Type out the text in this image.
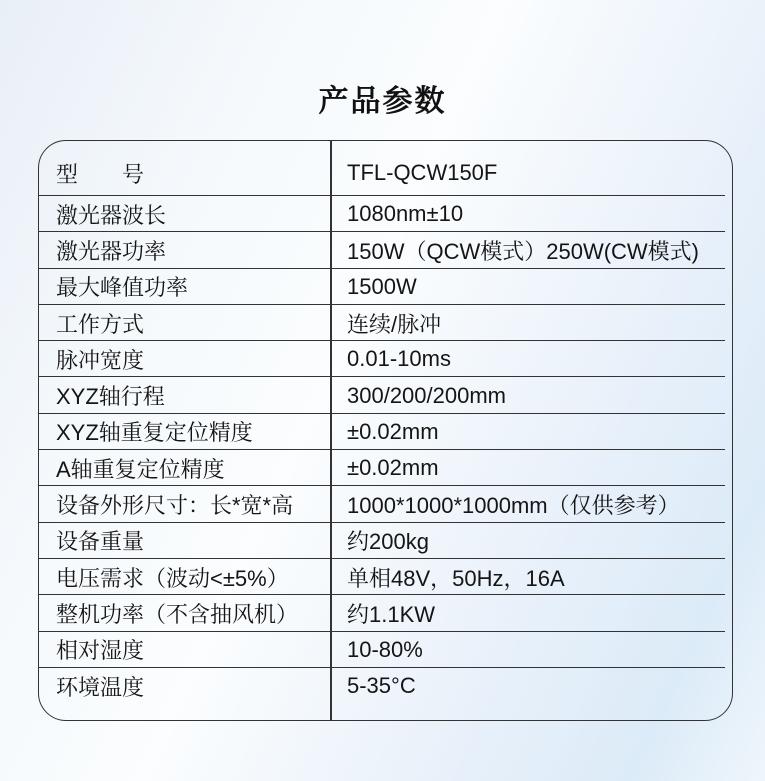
产品参数
型　　号	TFL-QCW150F
激光器波长	1080nm±10
激光器功率	150W（QCW模式）250W(CW模式)
最大峰值功率	1500W
工作方式	连续/脉冲
脉冲宽度	0.01-10ms
XYZ轴行程	300/200/200mm
XYZ轴重复定位精度	±0.02mm
A轴重复定位精度	±0.02mm
设备外形尺寸：长*宽*高	1000*1000*1000mm（仅供参考）
设备重量	约200kg
电压需求（波动<±5%）	单相48V，50Hz，16A
整机功率（不含抽风机）	约1.1KW
相对湿度	10-80%
环境温度	5-35°C
